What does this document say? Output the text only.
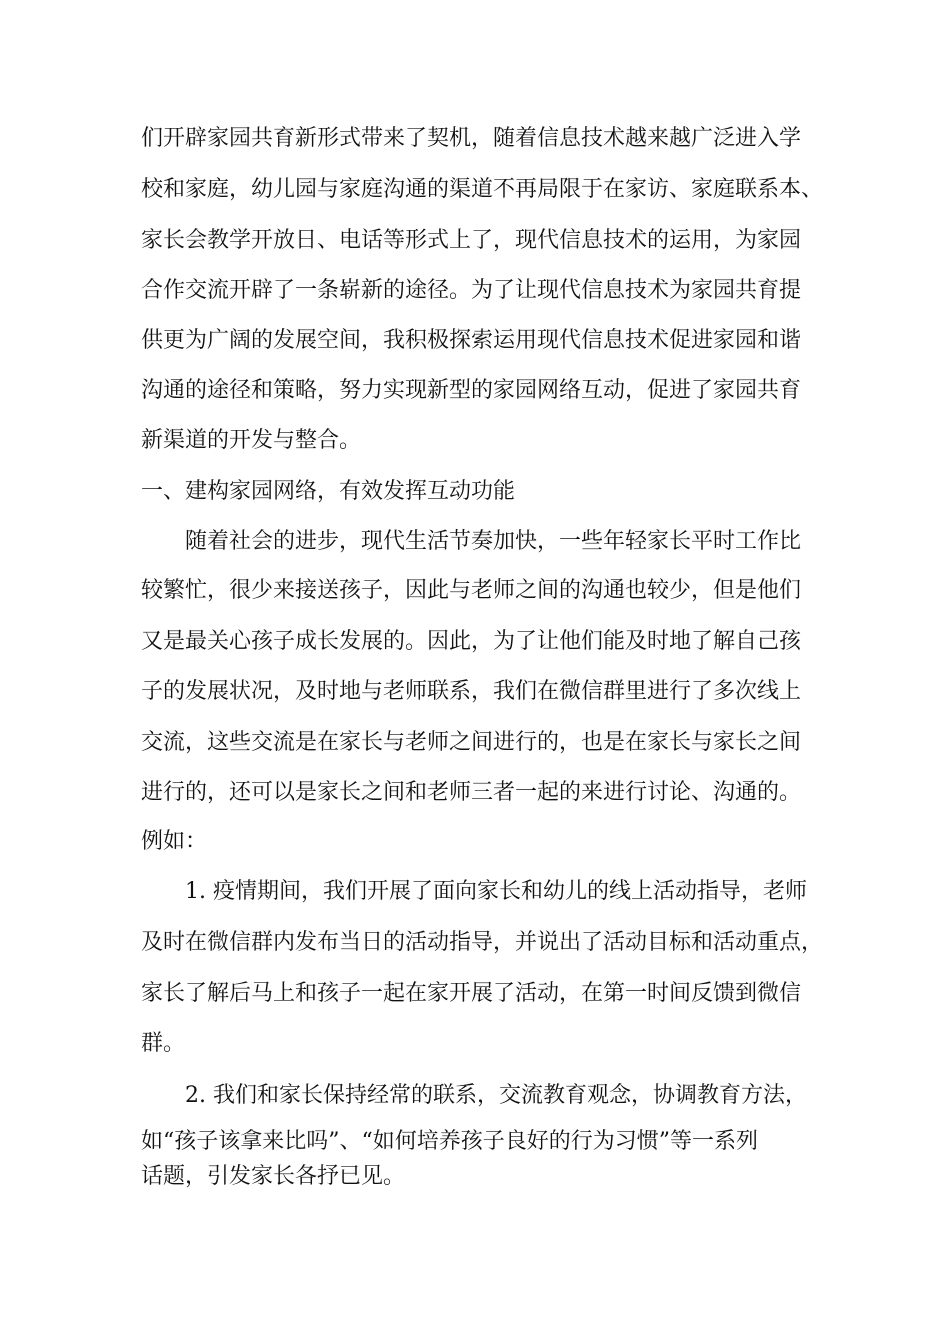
们开辟家园共育新形式带来了契机，随着信息技术越来越广泛进入学

校和家庭，幼儿园与家庭沟通的渠道不再局限于在家访、家庭联系本、

家长会教学开放日、电话等形式上了，现代信息技术的运用，为家园

合作交流开辟了一条崭新的途径。为了让现代信息技术为家园共育提

供更为广阔的发展空间，我积极探索运用现代信息技术促进家园和谐

沟通的途径和策略，努力实现新型的家园网络互动，促进了家园共育

新渠道的开发与整合。

一、建构家园网络，有效发挥互动功能

随着社会的进步，现代生活节奏加快，一些年轻家长平时工作比

较繁忙，很少来接送孩子，因此与老师之间的沟通也较少，但是他们

又是最关心孩子成长发展的。因此，为了让他们能及时地了解自己孩

子的发展状况，及时地与老师联系，我们在微信群里进行了多次线上

交流，这些交流是在家长与老师之间进行的，也是在家长与家长之间

进行的，还可以是家长之间和老师三者一起的来进行讨论、沟通的。

例如：

1. 疫情期间，我们开展了面向家长和幼儿的线上活动指导，老师

及时在微信群内发布当日的活动指导，并说出了活动目标和活动重点，

家长了解后马上和孩子一起在家开展了活动，在第一时间反馈到微信

群。

2. 我们和家长保持经常的联系，交流教育观念，协调教育方法，

如“孩子该拿来比吗”、“如何培养孩子良好的行为习惯”等一系列

话题，引发家长各抒已见。
